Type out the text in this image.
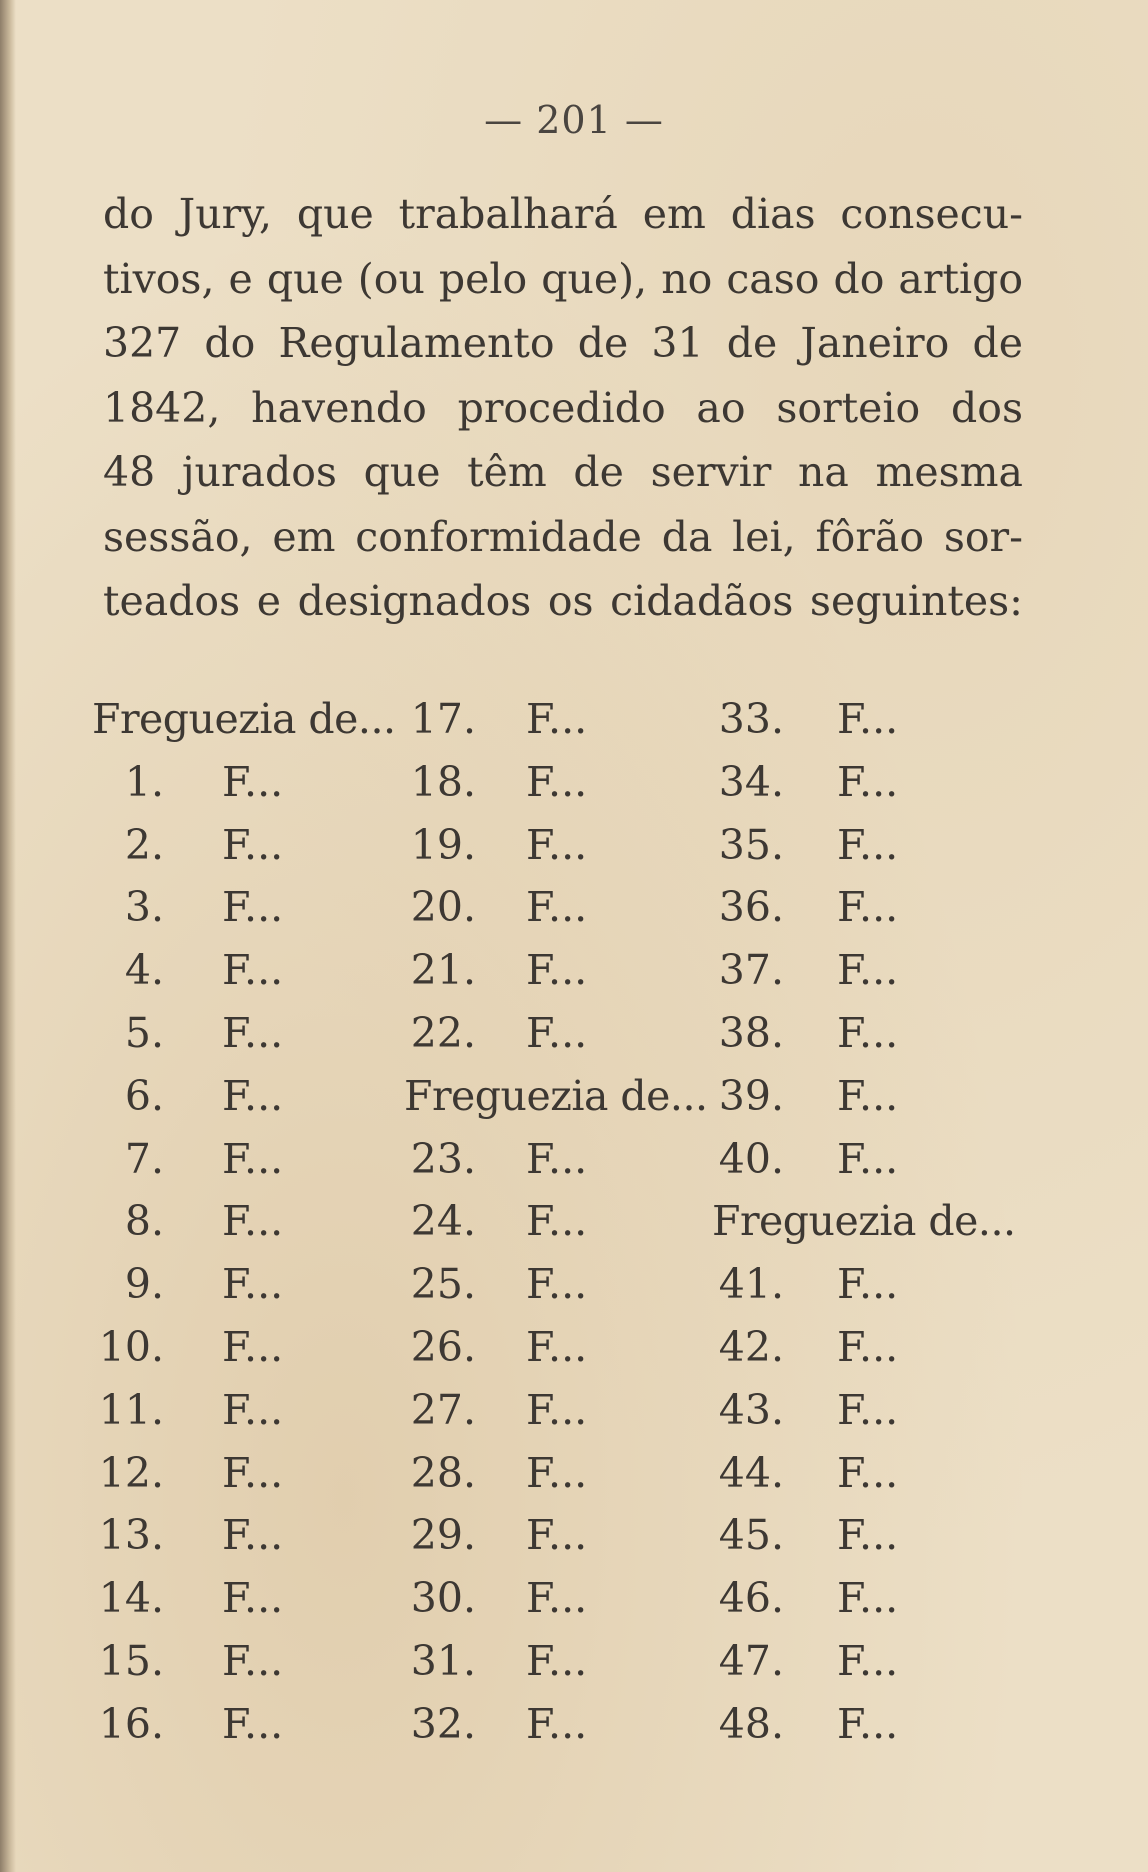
— 201 —
do Jury, que trabalhará em dias consecu-
tivos, e que (ou pelo que), no caso do artigo
327 do Regulamento de 31 de Janeiro de
1842, havendo procedido ao sorteio dos
48 jurados que têm de servir na mesma
sessão, em conformidade da lei, fôrão sor-
teados e designados os cidadãos seguintes:
Freguezia de...
1. F...
2. F...
3. F...
4. F...
5. F...
6. F...
7. F...
8. F...
9. F...
10. F...
11. F...
12. F...
13. F...
14. F...
15. F...
16. F...
17. F...
18. F...
19. F...
20. F...
21. F...
22. F...
Freguezia de...
23. F...
24. F...
25. F...
26. F...
27. F...
28. F...
29. F...
30. F...
31. F...
32. F...
33. F...
34. F...
35. F...
36. F...
37. F...
38. F...
39. F...
40. F...
Freguezia de...
41. F...
42. F...
43. F...
44. F...
45. F...
46. F...
47. F...
48. F...
